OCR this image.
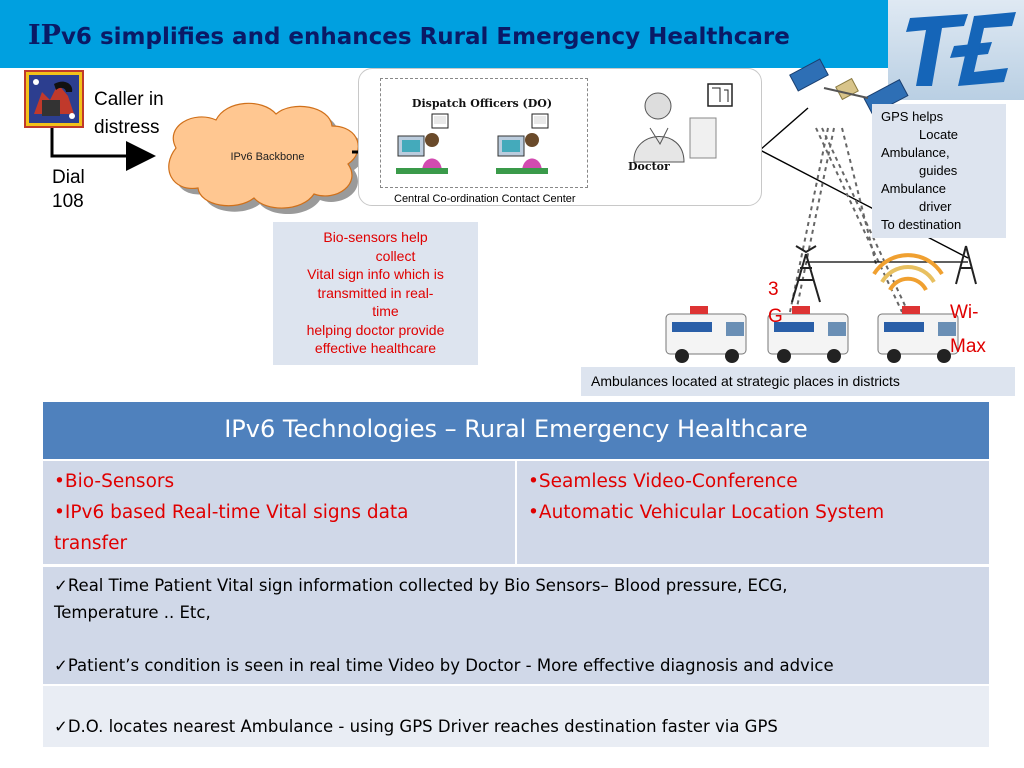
IPv6 simplifies and enhances Rural Emergency Healthcare
Caller in
distress
Dial
108
IPv6 Backbone
Dispatch Officers (DO)
Doctor
Central Co-ordination Contact Center
GPS helps
Locate
Ambulance,
guides
Ambulance
driver
To destination
Bio-sensors help
collect
Vital sign info which is
transmitted in real-
time
helping doctor provide
effective healthcare
3
G	Wi-
Max
Ambulances located at strategic places in districts
IPv6 Technologies – Rural Emergency Healthcare
•Bio-Sensors
•IPv6 based Real-time Vital signs data
transfer
•Seamless Video-Conference
•Automatic Vehicular Location System
✓Real Time Patient Vital sign information collected by Bio Sensors– Blood pressure, ECG,
Temperature .. Etc,
✓Patient’s condition is seen in real time Video by Doctor - More effective diagnosis and advice
✓D.O. locates nearest Ambulance - using GPS Driver reaches destination faster via GPS
